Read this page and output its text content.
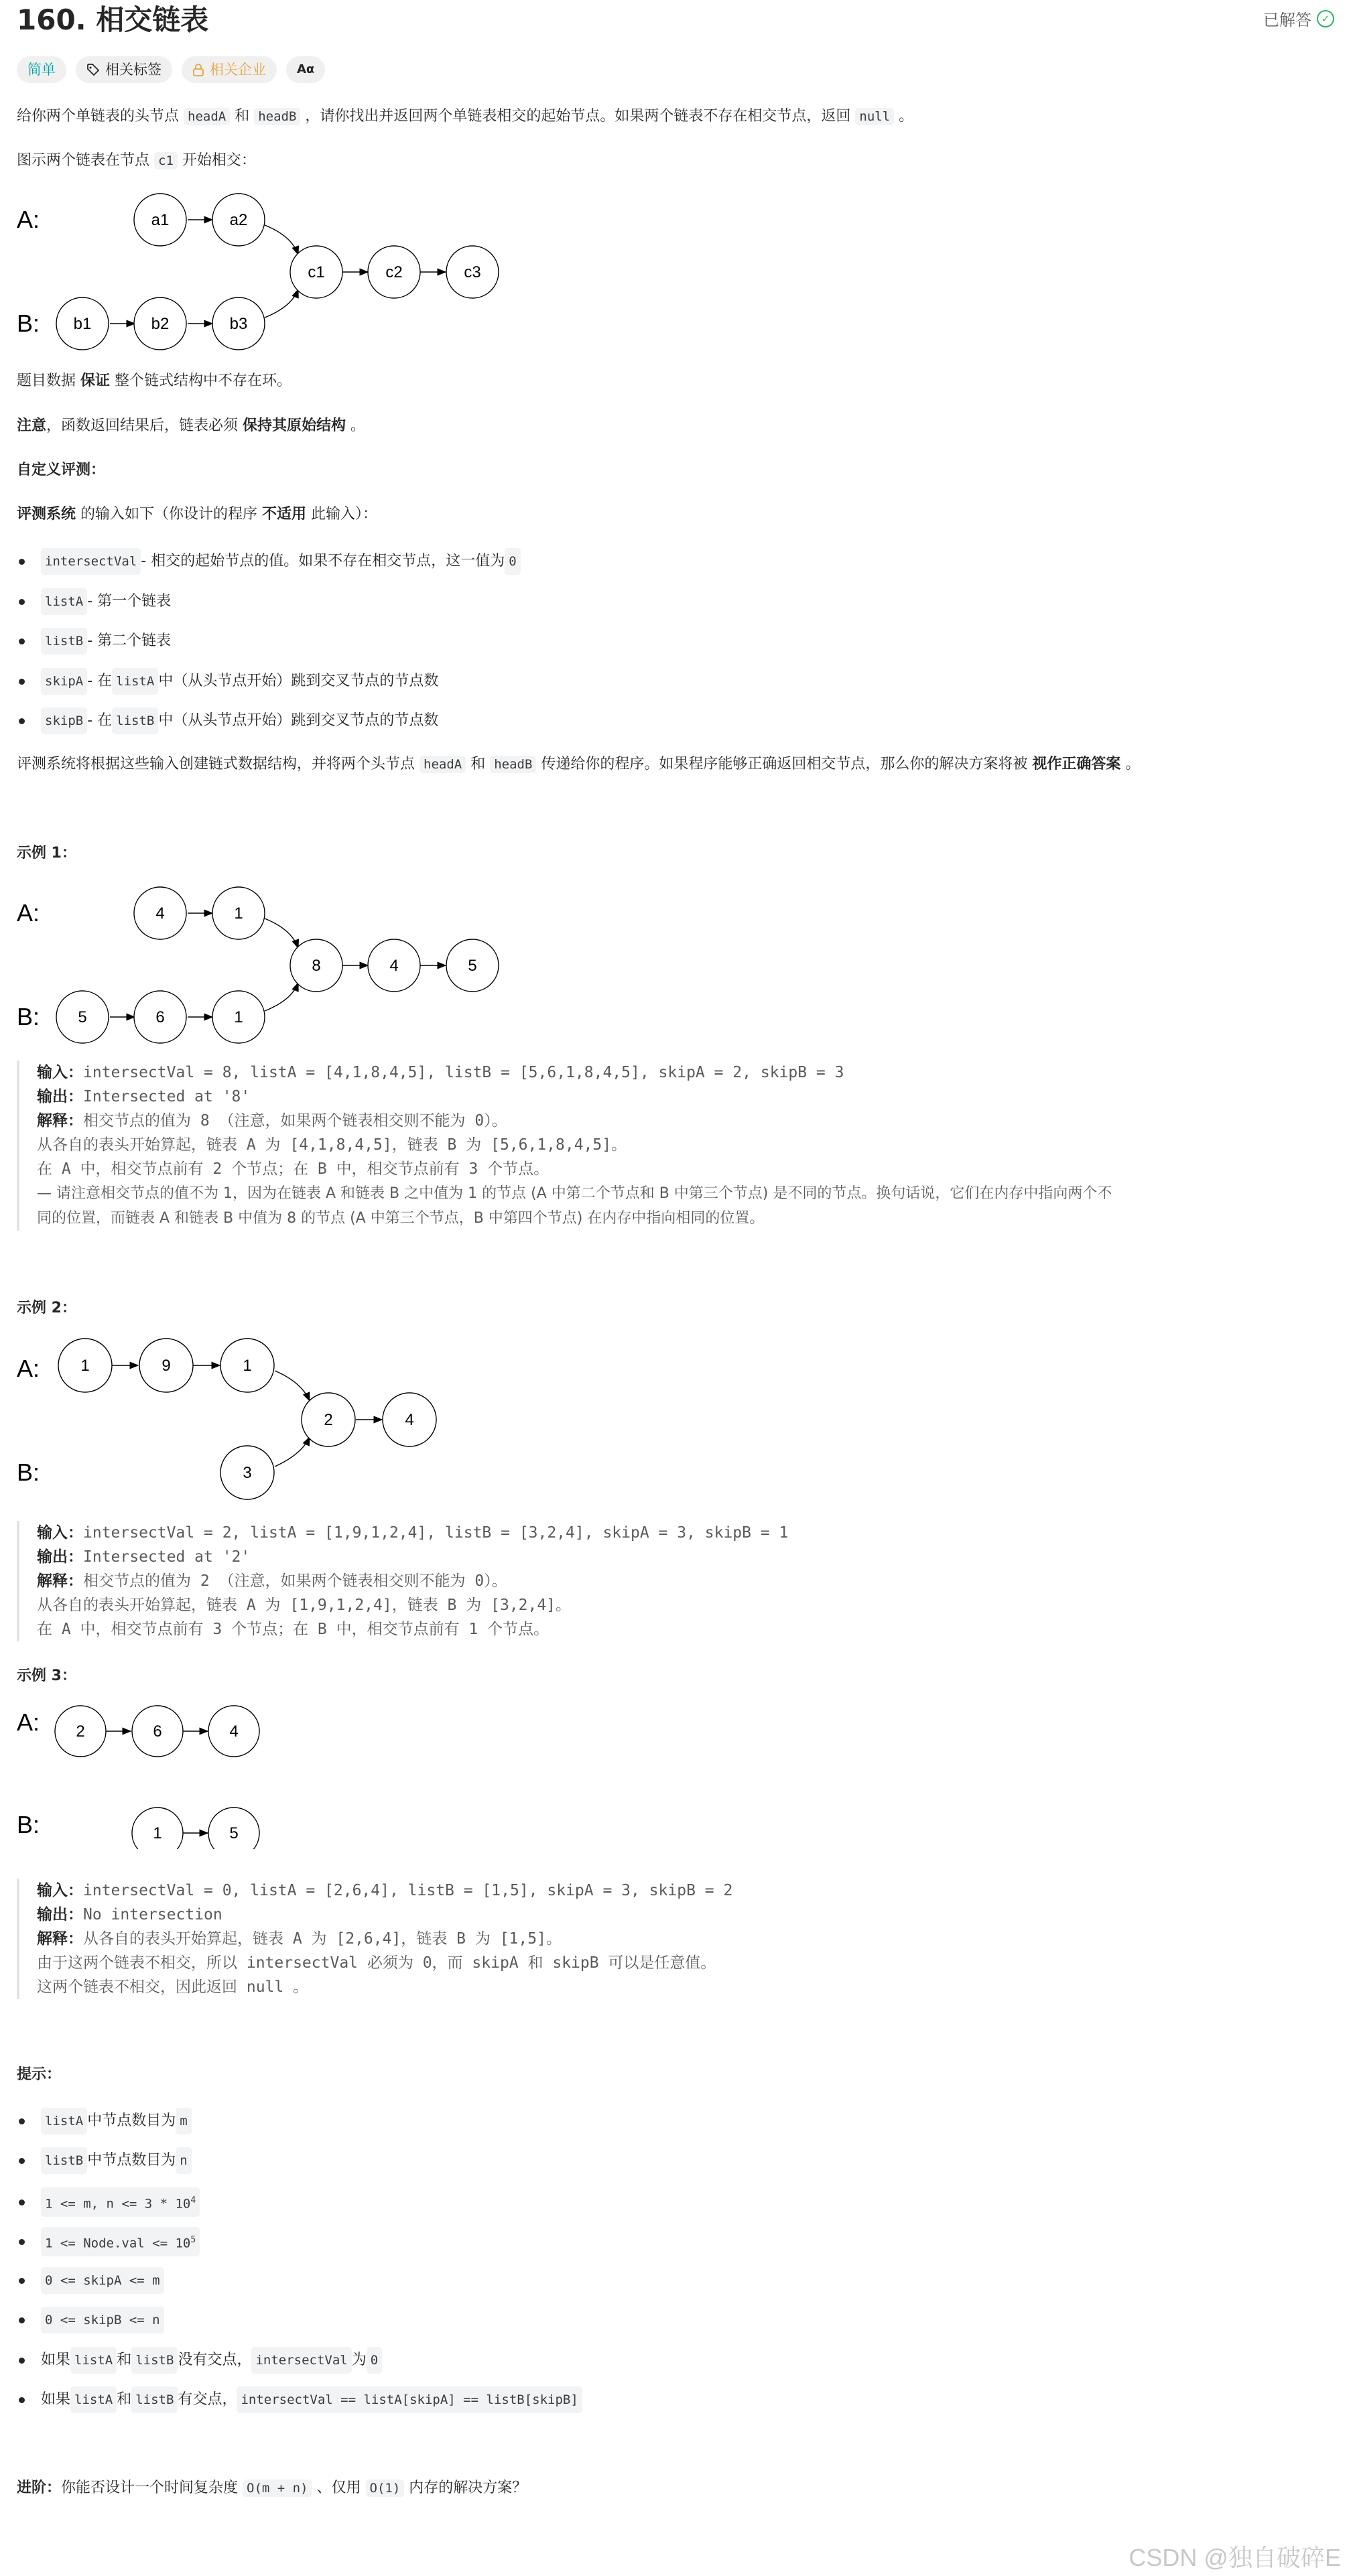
160. 相交链表	已解答 ✓
简单	相关标签	相关企业	Aα
给你两个单链表的头节点 headA 和 headB ，请你找出并返回两个单链表相交的起始节点。如果两个链表不存在相交节点，返回 null 。
图示两个链表在节点 c1 开始相交：
A:
B:
a1	a2
b1	b2	b3
c1	c2	c3
题目数据 保证 整个链式结构中不存在环。
注意，函数返回结果后，链表必须 保持其原始结构 。
自定义评测：
评测系统 的输入如下（你设计的程序 不适用 此输入）：
intersectVal - 相交的起始节点的值。如果不存在相交节点，这一值为 0
listA - 第一个链表
listB - 第二个链表
skipA - 在 listA 中（从头节点开始）跳到交叉节点的节点数
skipB - 在 listB 中（从头节点开始）跳到交叉节点的节点数
评测系统将根据这些输入创建链式数据结构，并将两个头节点 headA 和 headB 传递给你的程序。如果程序能够正确返回相交节点，那么你的解决方案将被 视作正确答案 。
示例 1：
A:
B:
4	1
5	6	1
8	4	5
输入：intersectVal = 8, listA = [4,1,8,4,5], listB = [5,6,1,8,4,5], skipA = 2, skipB = 3
输出：Intersected at '8'
解释：相交节点的值为 8 （注意，如果两个链表相交则不能为 0）。
从各自的表头开始算起，链表 A 为 [4,1,8,4,5]，链表 B 为 [5,6,1,8,4,5]。
在 A 中，相交节点前有 2 个节点；在 B 中，相交节点前有 3 个节点。
— 请注意相交节点的值不为 1，因为在链表 A 和链表 B 之中值为 1 的节点 (A 中第二个节点和 B 中第三个节点) 是不同的节点。换句话说，它们在内存中指向两个不
同的位置，而链表 A 和链表 B 中值为 8 的节点 (A 中第三个节点，B 中第四个节点) 在内存中指向相同的位置。
示例 2：
A:
B:
1	9	1
3
2	4
输入：intersectVal = 2, listA = [1,9,1,2,4], listB = [3,2,4], skipA = 3, skipB = 1
输出：Intersected at '2'
解释：相交节点的值为 2 （注意，如果两个链表相交则不能为 0）。
从各自的表头开始算起，链表 A 为 [1,9,1,2,4]，链表 B 为 [3,2,4]。
在 A 中，相交节点前有 3 个节点；在 B 中，相交节点前有 1 个节点。
示例 3：
A:
B:
2	6	4
1	5
输入：intersectVal = 0, listA = [2,6,4], listB = [1,5], skipA = 3, skipB = 2
输出：No intersection
解释：从各自的表头开始算起，链表 A 为 [2,6,4]，链表 B 为 [1,5]。
由于这两个链表不相交，所以 intersectVal 必须为 0，而 skipA 和 skipB 可以是任意值。
这两个链表不相交，因此返回 null 。
提示：
listA 中节点数目为 m
listB 中节点数目为 n
1 <= m, $n <= 3 * 10^4$
1 <= Node.val <= $10^5$
0 <= skipA <= m
0 <= skipB <= n
如果 listA 和 listB 没有交点， intersectVal 为 0
如果 listA 和 listB 有交点， intersectVal == listA[skipA] == listB[skipB]
进阶：你能否设计一个时间复杂度 O(m + n) 、仅用 O(1) 内存的解决方案？
CSDN @独自破碎E
